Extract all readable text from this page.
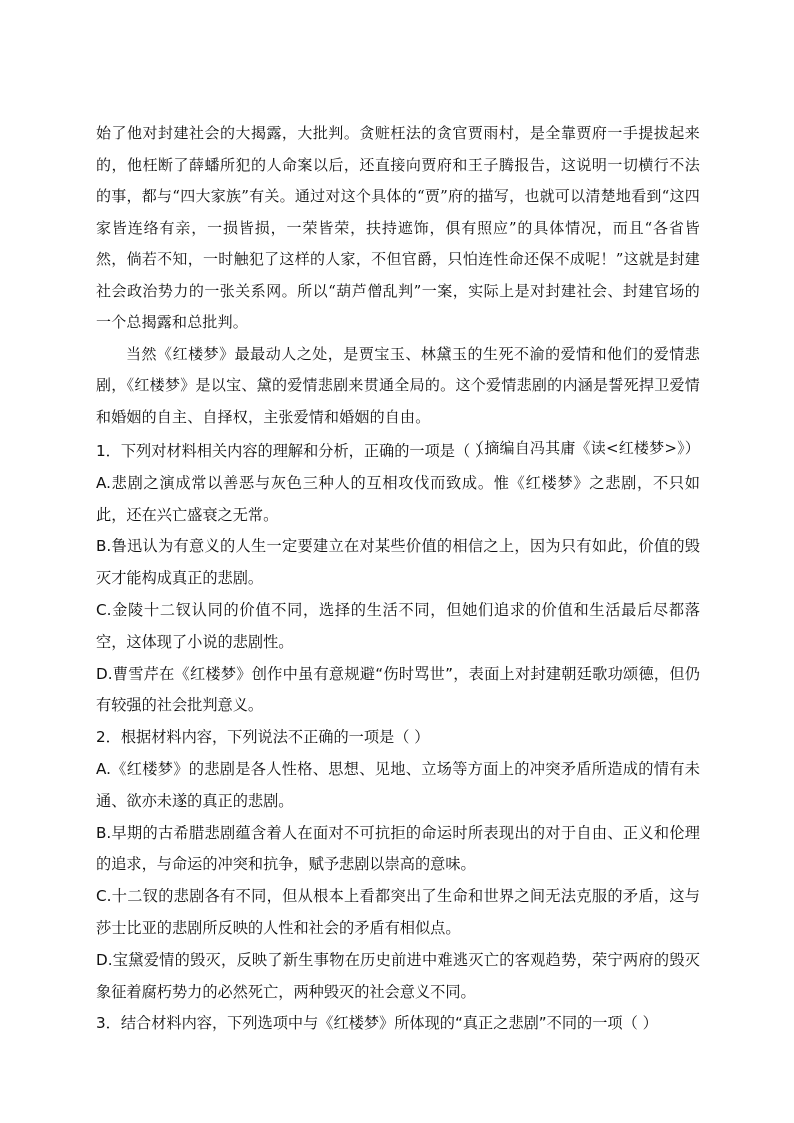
始了他对封建社会的大揭露，大批判。贪赃枉法的贪官贾雨村，是全靠贾府一手提拔起来的，他枉断了薛蟠所犯的人命案以后，还直接向贾府和王子腾报告，这说明一切横行不法的事，都与“四大家族”有关。通过对这个具体的“贾”府的描写，也就可以清楚地看到“这四家皆连络有亲，一损皆损，一荣皆荣，扶持遮饰，俱有照应”的具体情况，而且“各省皆然，倘若不知，一时触犯了这样的人家，不但官爵，只怕连性命还保不成呢！”这就是封建社会政治势力的一张关系网。所以“葫芦僧乱判”一案，实际上是对封建社会、封建官场的一个总揭露和总批判。

当然《红楼梦》最最动人之处，是贾宝玉、林黛玉的生死不渝的爱情和他们的爱情悲剧，《红楼梦》是以宝、黛的爱情悲剧来贯通全局的。这个爱情悲剧的内涵是誓死捍卫爱情和婚姻的自主、自择权，主张爱情和婚姻的自由。

（摘编自冯其庸《读<红楼梦>》）

1．下列对材料相关内容的理解和分析，正确的一项是（ ）

A.悲剧之演成常以善恶与灰色三种人的互相攻伐而致成。惟《红楼梦》之悲剧，不只如此，还在兴亡盛衰之无常。

B.鲁迅认为有意义的人生一定要建立在对某些价值的相信之上，因为只有如此，价值的毁灭才能构成真正的悲剧。

C.金陵十二钗认同的价值不同，选择的生活不同，但她们追求的价值和生活最后尽都落空，这体现了小说的悲剧性。

D.曹雪芹在《红楼梦》创作中虽有意规避“伤时骂世”，表面上对封建朝廷歌功颂德，但仍有较强的社会批判意义。

2．根据材料内容，下列说法不正确的一项是（ ）

A.《红楼梦》的悲剧是各人性格、思想、见地、立场等方面上的冲突矛盾所造成的情有未通、欲亦未遂的真正的悲剧。

B.早期的古希腊悲剧蕴含着人在面对不可抗拒的命运时所表现出的对于自由、正义和伦理的追求，与命运的冲突和抗争，赋予悲剧以崇高的意味。

C.十二钗的悲剧各有不同，但从根本上看都突出了生命和世界之间无法克服的矛盾，这与莎士比亚的悲剧所反映的人性和社会的矛盾有相似点。

D.宝黛爱情的毁灭，反映了新生事物在历史前进中难逃灭亡的客观趋势，荣宁两府的毁灭象征着腐朽势力的必然死亡，两种毁灭的社会意义不同。

3．结合材料内容，下列选项中与《红楼梦》所体现的“真正之悲剧”不同的一项（ ）
